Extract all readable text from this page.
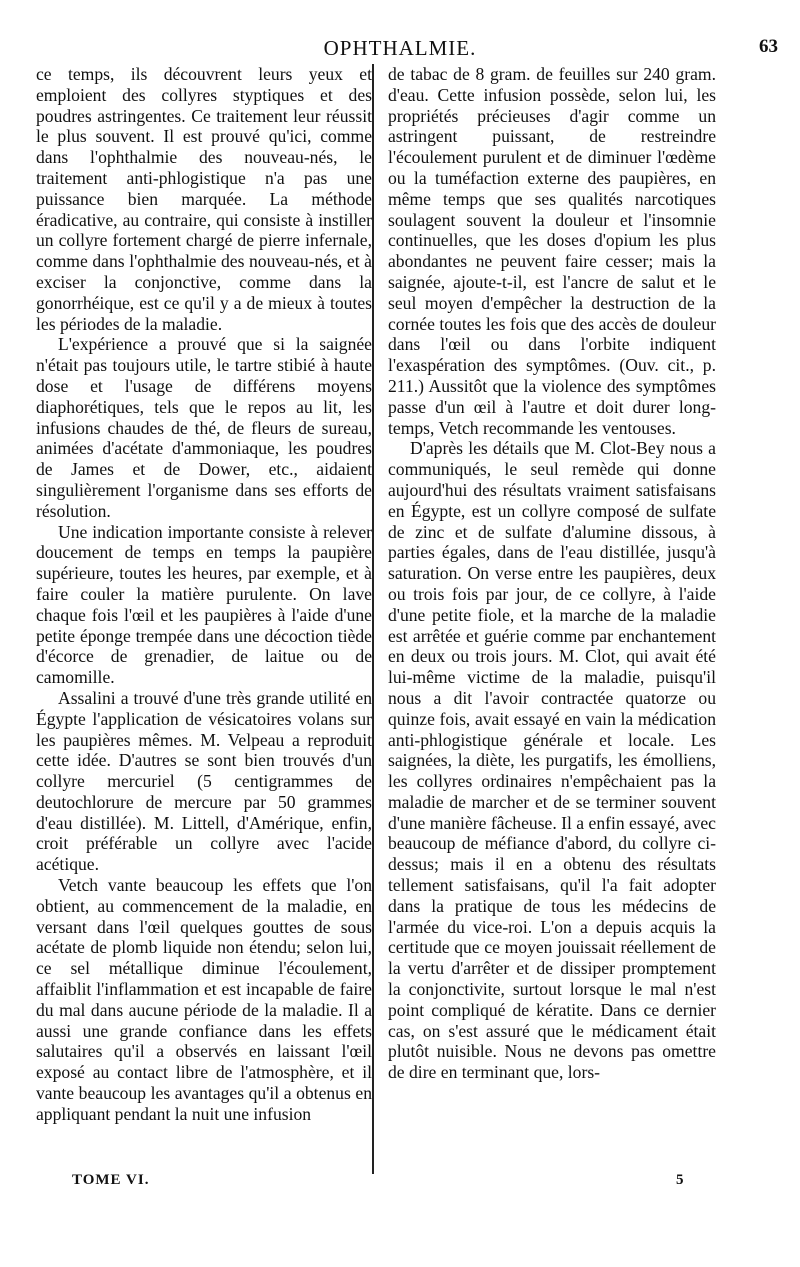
OPHTHALMIE.	63

ce temps, ils découvrent leurs yeux et emploient des collyres styptiques et des poudres astringentes. Ce traitement leur réussit le plus souvent. Il est prouvé qu'ici, comme dans l'ophthalmie des nouveau-nés, le traitement anti-phlogistique n'a pas une puissance bien marquée. La méthode éradicative, au contraire, qui consiste à instiller un collyre fortement chargé de pierre infernale, comme dans l'ophthalmie des nouveau-nés, et à exciser la conjonctive, comme dans la gonorrhéique, est ce qu'il y a de mieux à toutes les périodes de la maladie.

L'expérience a prouvé que si la saignée n'était pas toujours utile, le tartre stibié à haute dose et l'usage de différens moyens diaphorétiques, tels que le repos au lit, les infusions chaudes de thé, de fleurs de sureau, animées d'acétate d'ammoniaque, les poudres de James et de Dower, etc., aidaient singulièrement l'organisme dans ses efforts de résolution.

Une indication importante consiste à relever doucement de temps en temps la paupière supérieure, toutes les heures, par exemple, et à faire couler la matière purulente. On lave chaque fois l'œil et les paupières à l'aide d'une petite éponge trempée dans une décoction tiède d'écorce de grenadier, de laitue ou de camomille.

Assalini a trouvé d'une très grande utilité en Égypte l'application de vésicatoires volans sur les paupières mêmes. M. Velpeau a reproduit cette idée. D'autres se sont bien trouvés d'un collyre mercuriel (5 centigrammes de deutochlorure de mercure par 50 grammes d'eau distillée). M. Littell, d'Amérique, enfin, croit préférable un collyre avec l'acide acétique.

Vetch vante beaucoup les effets que l'on obtient, au commencement de la maladie, en versant dans l'œil quelques gouttes de sous acétate de plomb liquide non étendu; selon lui, ce sel métallique diminue l'écoulement, affaiblit l'inflammation et est incapable de faire du mal dans aucune période de la maladie. Il a aussi une grande confiance dans les effets salutaires qu'il a observés en laissant l'œil exposé au contact libre de l'atmosphère, et il vante beaucoup les avantages qu'il a obtenus en appliquant pendant la nuit une infusion

de tabac de 8 gram. de feuilles sur 240 gram. d'eau. Cette infusion possède, selon lui, les propriétés précieuses d'agir comme un astringent puissant, de restreindre l'écoulement purulent et de diminuer l'œdème ou la tuméfaction externe des paupières, en même temps que ses qualités narcotiques soulagent souvent la douleur et l'insomnie continuelles, que les doses d'opium les plus abondantes ne peuvent faire cesser; mais la saignée, ajoute-t-il, est l'ancre de salut et le seul moyen d'empêcher la destruction de la cornée toutes les fois que des accès de douleur dans l'œil ou dans l'orbite indiquent l'exaspération des symptômes. (Ouv. cit., p. 211.) Aussitôt que la violence des symptômes passe d'un œil à l'autre et doit durer long-temps, Vetch recommande les ventouses.

D'après les détails que M. Clot-Bey nous a communiqués, le seul remède qui donne aujourd'hui des résultats vraiment satisfaisans en Égypte, est un collyre composé de sulfate de zinc et de sulfate d'alumine dissous, à parties égales, dans de l'eau distillée, jusqu'à saturation. On verse entre les paupières, deux ou trois fois par jour, de ce collyre, à l'aide d'une petite fiole, et la marche de la maladie est arrêtée et guérie comme par enchantement en deux ou trois jours. M. Clot, qui avait été lui-même victime de la maladie, puisqu'il nous a dit l'avoir contractée quatorze ou quinze fois, avait essayé en vain la médication anti-phlogistique générale et locale. Les saignées, la diète, les purgatifs, les émolliens, les collyres ordinaires n'empêchaient pas la maladie de marcher et de se terminer souvent d'une manière fâcheuse. Il a enfin essayé, avec beaucoup de méfiance d'abord, du collyre ci-dessus; mais il en a obtenu des résultats tellement satisfaisans, qu'il l'a fait adopter dans la pratique de tous les médecins de l'armée du vice-roi. L'on a depuis acquis la certitude que ce moyen jouissait réellement de la vertu d'arrêter et de dissiper promptement la conjonctivite, surtout lorsque le mal n'est point compliqué de kératite. Dans ce dernier cas, on s'est assuré que le médicament était plutôt nuisible. Nous ne devons pas omettre de dire en terminant que, lors-

TOME VI.	5
